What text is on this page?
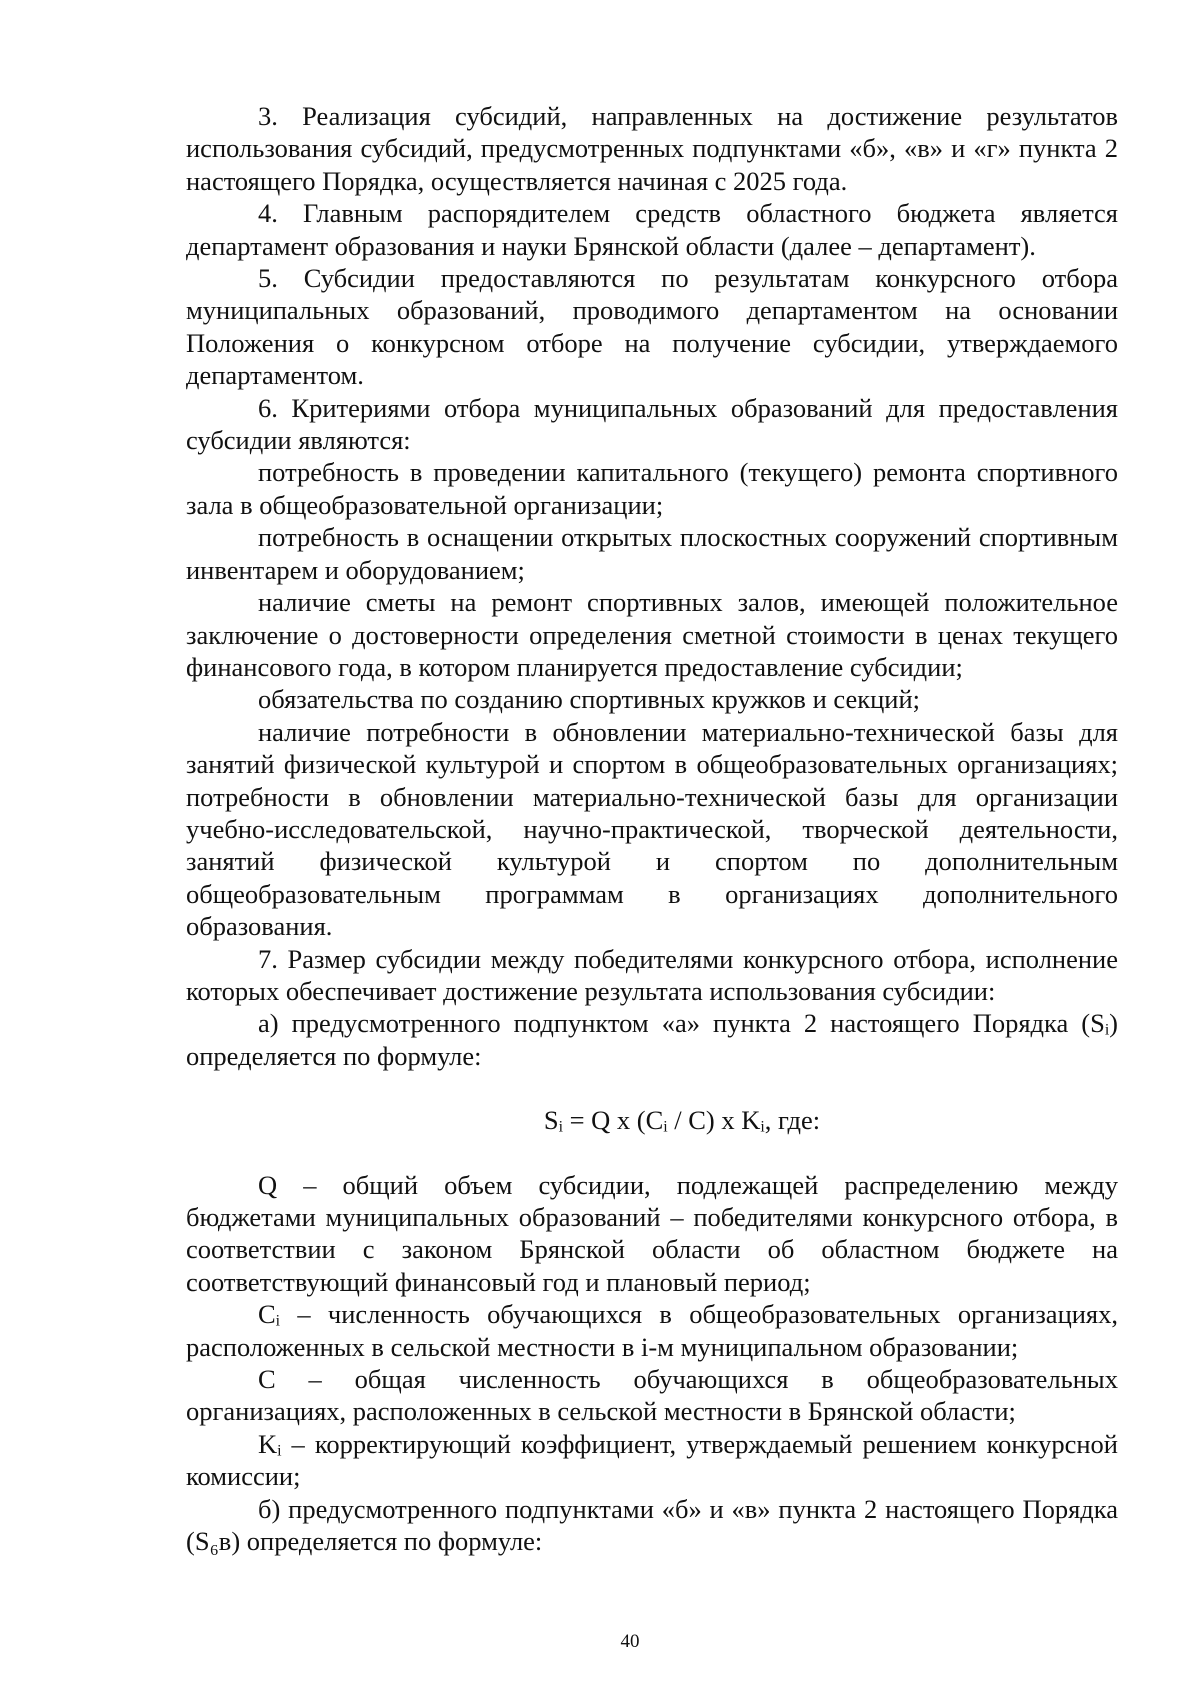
3. Реализация субсидий, направленных на достижение результатов использования субсидий, предусмотренных подпунктами «б», «в» и «г» пункта 2 настоящего Порядка, осуществляется начиная с 2025 года.

4. Главным распорядителем средств областного бюджета является департамент образования и науки Брянской области (далее – департамент).

5. Субсидии предоставляются по результатам конкурсного отбора муниципальных образований, проводимого департаментом на основании Положения о конкурсном отборе на получение субсидии, утверждаемого департаментом.

6. Критериями отбора муниципальных образований для предоставления субсидии являются:

потребность в проведении капитального (текущего) ремонта спортивного зала в общеобразовательной организации;

потребность в оснащении открытых плоскостных сооружений спортивным инвентарем и оборудованием;

наличие сметы на ремонт спортивных залов, имеющей положительное заключение о достоверности определения сметной стоимости в ценах текущего финансового года, в котором планируется предоставление субсидии;

обязательства по созданию спортивных кружков и секций;

наличие потребности в обновлении материально-технической базы для занятий физической культурой и спортом в общеобразовательных организациях; потребности в обновлении материально-технической базы для организации учебно-исследовательской, научно-практической, творческой деятельности, занятий физической культурой и спортом по дополнительным общеобразовательным программам в организациях дополнительного образования.

7. Размер субсидии между победителями конкурсного отбора, исполнение которых обеспечивает достижение результата использования субсидии:

а) предусмотренного подпунктом «а» пункта 2 настоящего Порядка (Sᵢ) определяется по формуле:

Sᵢ = Q x (Cᵢ / C) x Kᵢ, где:

Q – общий объем субсидии, подлежащей распределению между бюджетами муниципальных образований – победителями конкурсного отбора, в соответствии с законом Брянской области об областном бюджете на соответствующий финансовый год и плановый период;

Cᵢ – численность обучающихся в общеобразовательных организациях, расположенных в сельской местности в i-м муниципальном образовании;

C – общая численность обучающихся в общеобразовательных организациях, расположенных в сельской местности в Брянской области;

Kᵢ – корректирующий коэффициент, утверждаемый решением конкурсной комиссии;

б) предусмотренного подпунктами «б» и «в» пункта 2 настоящего Порядка (S₆в) определяется по формуле:

40
